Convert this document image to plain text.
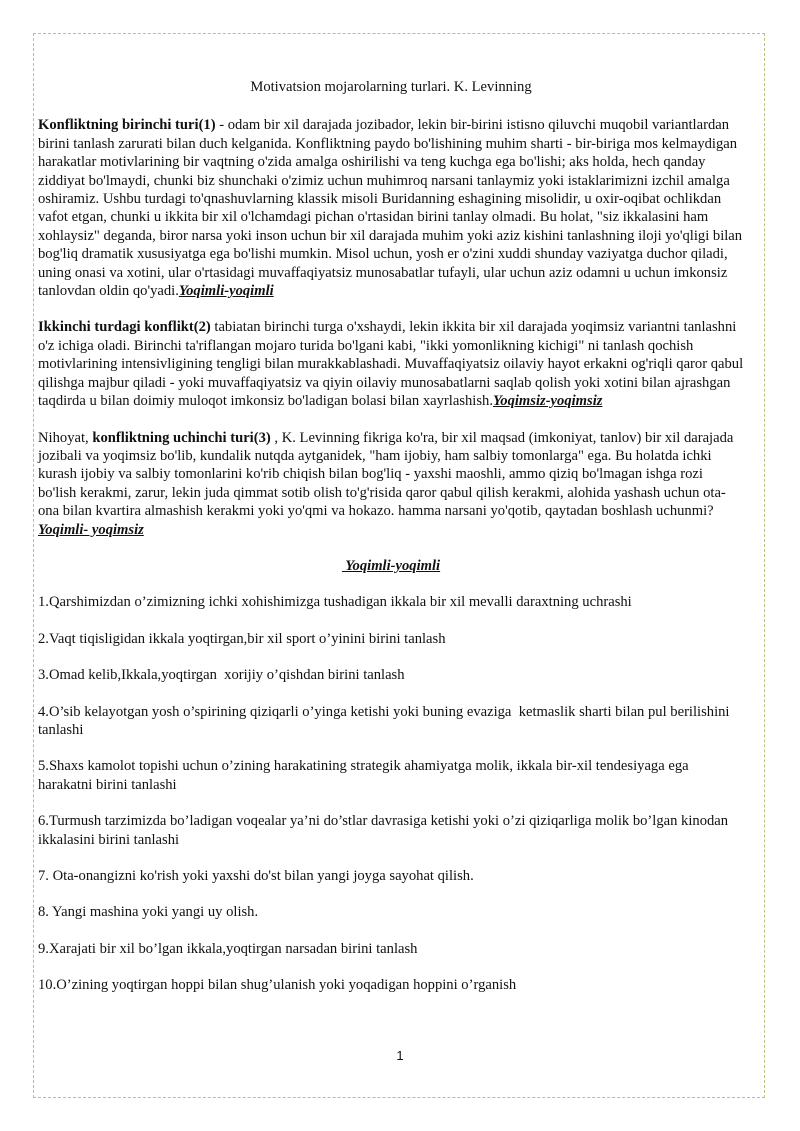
Motivatsion mojarolarning turlari. K. Levinning

Konfliktning birinchi turi(1) - odam bir xil darajada jozibador, lekin bir-birini istisno qiluvchi muqobil variantlardan birini tanlash zarurati bilan duch kelganida. Konfliktning paydo bo'lishining muhim sharti - bir-biriga mos kelmaydigan harakatlar motivlarining bir vaqtning o'zida amalga oshirilishi va teng kuchga ega bo'lishi; aks holda, hech qanday ziddiyat bo'lmaydi, chunki biz shunchaki o'zimiz uchun muhimroq narsani tanlaymiz yoki istaklarimizni izchil amalga oshiramiz. Ushbu turdagi to'qnashuvlarning klassik misoli Buridanning eshagining misolidir, u oxir-oqibat ochlikdan vafot etgan, chunki u ikkita bir xil o'lchamdagi pichan o'rtasidan birini tanlay olmadi. Bu holat, "siz ikkalasini ham xohlaysiz" deganda, biror narsa yoki inson uchun bir xil darajada muhim yoki aziz kishini tanlashning iloji yo'qligi bilan bog'liq dramatik xususiyatga ega bo'lishi mumkin. Misol uchun, yosh er o'zini xuddi shunday vaziyatga duchor qiladi, uning onasi va xotini, ular o'rtasidagi muvaffaqiyatsiz munosabatlar tufayli, ular uchun aziz odamni u uchun imkonsiz tanlovdan oldin qo'yadi.Yoqimli-yoqimli

Ikkinchi turdagi konflikt(2) tabiatan birinchi turga o'xshaydi, lekin ikkita bir xil darajada yoqimsiz variantni tanlashni o'z ichiga oladi. Birinchi ta'riflangan mojaro turida bo'lgani kabi, "ikki yomonlikning kichigi" ni tanlash qochish motivlarining intensivligining tengligi bilan murakkablashadi. Muvaffaqiyatsiz oilaviy hayot erkakni og'riqli qaror qabul qilishga majbur qiladi - yoki muvaffaqiyatsiz va qiyin oilaviy munosabatlarni saqlab qolish yoki xotini bilan ajrashgan taqdirda u bilan doimiy muloqot imkonsiz bo'ladigan bolasi bilan xayrlashish.Yoqimsiz-yoqimsiz

Nihoyat, konfliktning uchinchi turi(3) , K. Levinning fikriga ko'ra, bir xil maqsad (imkoniyat, tanlov) bir xil darajada jozibali va yoqimsiz bo'lib, kundalik nutqda aytganidek, "ham ijobiy, ham salbiy tomonlarga" ega. Bu holatda ichki kurash ijobiy va salbiy tomonlarini ko'rib chiqish bilan bog'liq - yaxshi maoshli, ammo qiziq bo'lmagan ishga rozi bo'lish kerakmi, zarur, lekin juda qimmat sotib olish to'g'risida qaror qabul qilish kerakmi, alohida yashash uchun ota-ona bilan kvartira almashish kerakmi yoki yo'qmi va hokazo. hamma narsani yo'qotib, qaytadan boshlash uchunmi?Yoqimli- yoqimsiz

Yoqimli-yoqimli
1.Qarshimizdan o’zimizning ichki xohishimizga tushadigan ikkala bir xil mevalli daraxtning uchrashi
2.Vaqt tiqisligidan ikkala yoqtirgan,bir xil sport o’yinini birini tanlash
3.Omad kelib,Ikkala,yoqtirgan  xorijiy o’qishdan birini tanlash
4.O’sib kelayotgan yosh o’spirining qiziqarli o’yinga ketishi yoki buning evaziga  ketmaslik sharti bilan pul berilishini tanlashi
5.Shaxs kamolot topishi uchun o’zining harakatining strategik ahamiyatga molik, ikkala bir-xil tendesiyaga ega harakatni birini tanlashi
6.Turmush tarzimizda bo’ladigan voqealar ya’ni do’stlar davrasiga ketishi yoki o’zi qiziqarliga molik bo’lgan kinodan ikkalasini birini tanlashi
7. Ota-onangizni ko'rish yoki yaxshi do'st bilan yangi joyga sayohat qilish.
8. Yangi mashina yoki yangi uy olish.
9.Xarajati bir xil bo’lgan ikkala,yoqtirgan narsadan birini tanlash
10.O’zining yoqtirgan hoppi bilan shug’ulanish yoki yoqadigan hoppini o’rganish
1
